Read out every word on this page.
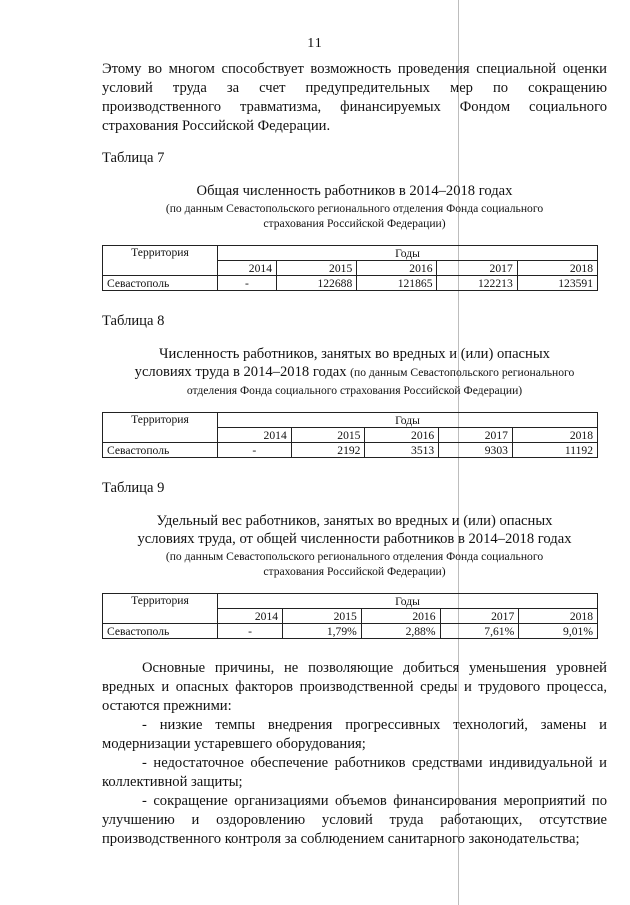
11

Этому во многом способствует возможность проведения специальной оценки условий труда за счет предупредительных мер по сокращению производственного травматизма, финансируемых Фондом социального страхования Российской Федерации.

Таблица 7
Общая численность работников в 2014–2018 годах
(по данным Севастопольского регионального отделения Фонда социального
страхования Российской Федерации)
Территория	Годы				
	2014	2015	2016	2017	2018
Севастополь	-	122688	121865	122213	123591
Таблица 8
Численность работников, занятых во вредных и (или) опасных
условиях труда в 2014–2018 годах (по данным Севастопольского регионального
отделения Фонда социального страхования Российской Федерации)
Территория	Годы				
	2014	2015	2016	2017	2018
Севастополь	-	2192	3513	9303	11192
Таблица 9
Удельный вес работников, занятых во вредных и (или) опасных
условиях труда, от общей численности работников в 2014–2018 годах
(по данным Севастопольского регионального отделения Фонда социального
страхования Российской Федерации)
Территория	Годы				
	2014	2015	2016	2017	2018
Севастополь	-	1,79%	2,88%	7,61%	9,01%

Основные причины, не позволяющие добиться уменьшения уровней вредных и опасных факторов производственной среды и трудового процесса, остаются прежними:

- низкие темпы внедрения прогрессивных технологий, замены и модернизации устаревшего оборудования;

- недостаточное обеспечение работников средствами индивидуальной и коллективной защиты;

- сокращение организациями объемов финансирования мероприятий по улучшению и оздоровлению условий труда работающих, отсутствие производственного контроля за соблюдением санитарного законодательства;
